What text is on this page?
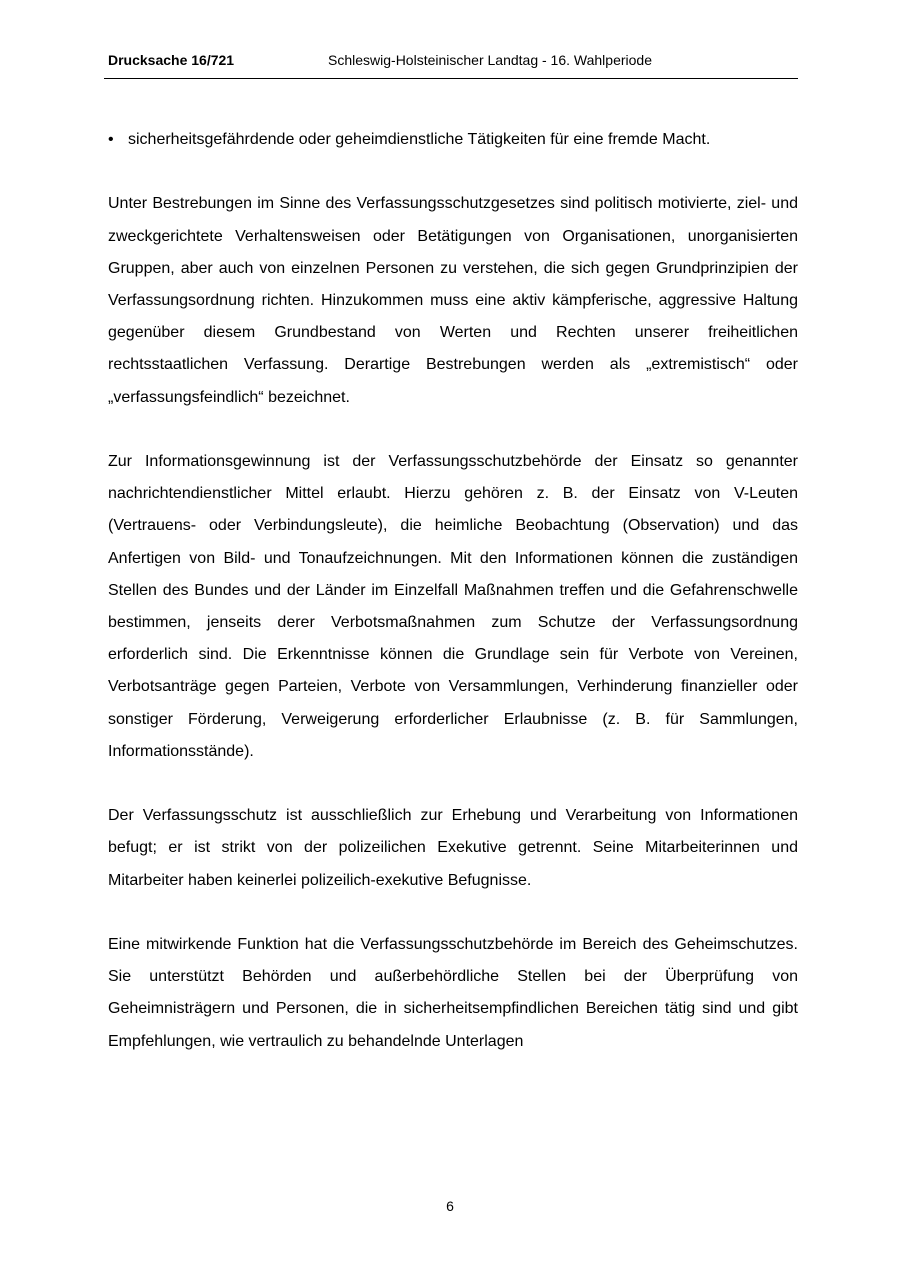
Drucksache 16/721	Schleswig-Holsteinischer Landtag - 16. Wahlperiode
• sicherheitsgefährdende oder geheimdienstliche Tätigkeiten für eine fremde Macht.

Unter Bestrebungen im Sinne des Verfassungsschutzgesetzes sind politisch motivierte, ziel- und zweckgerichtete Verhaltensweisen oder Betätigungen von Organisationen, unorganisierten Gruppen, aber auch von einzelnen Personen zu verstehen, die sich gegen Grundprinzipien der Verfassungsordnung richten. Hinzukommen muss eine aktiv kämpferische, aggressive Haltung gegenüber diesem Grundbestand von Werten und Rechten unserer freiheitlichen rechtsstaatlichen Verfassung. Derartige Bestrebungen werden als „extremistisch“ oder „verfassungsfeindlich“ bezeichnet.

Zur Informationsgewinnung ist der Verfassungsschutzbehörde der Einsatz so genannter nachrichtendienstlicher Mittel erlaubt. Hierzu gehören z. B. der Einsatz von V-Leuten (Vertrauens- oder Verbindungsleute), die heimliche Beobachtung (Observation) und das Anfertigen von Bild- und Tonaufzeichnungen. Mit den Informationen können die zuständigen Stellen des Bundes und der Länder im Einzelfall Maßnahmen treffen und die Gefahrenschwelle bestimmen, jenseits derer Verbotsmaßnahmen zum Schutze der Verfassungsordnung erforderlich sind. Die Erkenntnisse können die Grundlage sein für Verbote von Vereinen, Verbotsanträge gegen Parteien, Verbote von Versammlungen, Verhinderung finanzieller oder sonstiger Förderung, Verweigerung erforderlicher Erlaubnisse (z. B. für Sammlungen, Informationsstände).

Der Verfassungsschutz ist ausschließlich zur Erhebung und Verarbeitung von Informationen befugt; er ist strikt von der polizeilichen Exekutive getrennt. Seine Mitarbeiterinnen und Mitarbeiter haben keinerlei polizeilich-exekutive Befugnisse.

Eine mitwirkende Funktion hat die Verfassungsschutzbehörde im Bereich des Geheimschutzes. Sie unterstützt Behörden und außerbehördliche Stellen bei der Überprüfung von Geheimnisträgern und Personen, die in sicherheitsempfindlichen Bereichen tätig sind und gibt Empfehlungen, wie vertraulich zu behandelnde Unterlagen

6
